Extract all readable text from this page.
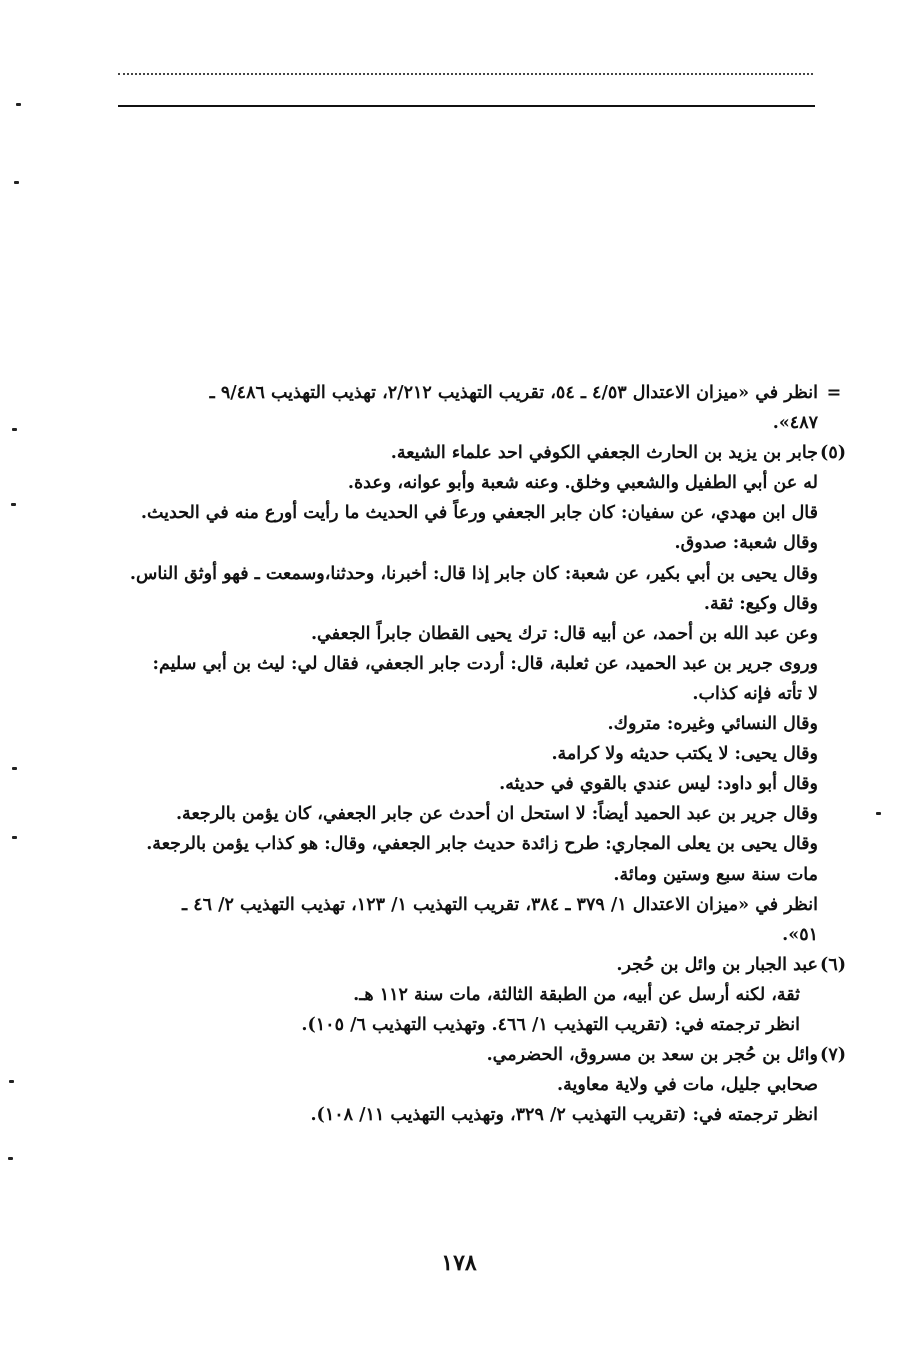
=
انظر في «ميزان الاعتدال ٤/٥٣ ـ ٥٤، تقريب التهذيب ٢/٢١٢، تهذيب التهذيب ٩/٤٨٦ ـ

٤٨٧».

(٥)
جابر بن يزيد بن الحارث الجعفي الكوفي احد علماء الشيعة.

له عن أبي الطفيل والشعبي وخلق. وعنه شعبة وأبو عوانه، وعدة.

قال ابن مهدي، عن سفيان: كان جابر الجعفي ورعاً في الحديث ما رأيت أورع منه في الحديث.

وقال شعبة: صدوق.

وقال يحيى بن أبي بكير، عن شعبة: كان جابر إذا قال: أخبرنا، وحدثنا،وسمعت ـ فهو أوثق الناس.

وقال وكيع: ثقة.

وعن عبد الله بن أحمد، عن أبيه قال: ترك يحيى القطان جابراً الجعفي.

وروى جرير بن عبد الحميد، عن ثعلبة، قال: أردت جابر الجعفي، فقال لي: ليث بن أبي سليم:

لا تأته فإنه كذاب.

وقال النسائي وغيره: متروك.

وقال يحيى: لا يكتب حديثه ولا كرامة.

وقال أبو داود: ليس عندي بالقوي في حديثه.

وقال جرير بن عبد الحميد أيضاً: لا استحل ان أحدث عن جابر الجعفي، كان يؤمن بالرجعة.

وقال يحيى بن يعلى المجاري: طرح زائدة حديث جابر الجعفي، وقال: هو كذاب يؤمن بالرجعة.

مات سنة سبع وستين ومائة.

انظر في «ميزان الاعتدال ١/ ٣٧٩ ـ ٣٨٤، تقريب التهذيب ١/ ١٢٣، تهذيب التهذيب ٢/ ٤٦ ـ

٥١».

(٦)
عبد الجبار بن وائل بن حُجر.

ثقة، لكنه أرسل عن أبيه، من الطبقة الثالثة، مات سنة ١١٢ هـ.

انظر ترجمته في: (تقريب التهذيب ١/ ٤٦٦. وتهذيب التهذيب ٦/ ١٠٥).

(٧)
وائل بن حُجر بن سعد بن مسروق، الحضرمي.

صحابي جليل، مات في ولاية معاوية.

انظر ترجمته في: (تقريب التهذيب ٢/ ٣٢٩، وتهذيب التهذيب ١١/ ١٠٨).

١٧٨
